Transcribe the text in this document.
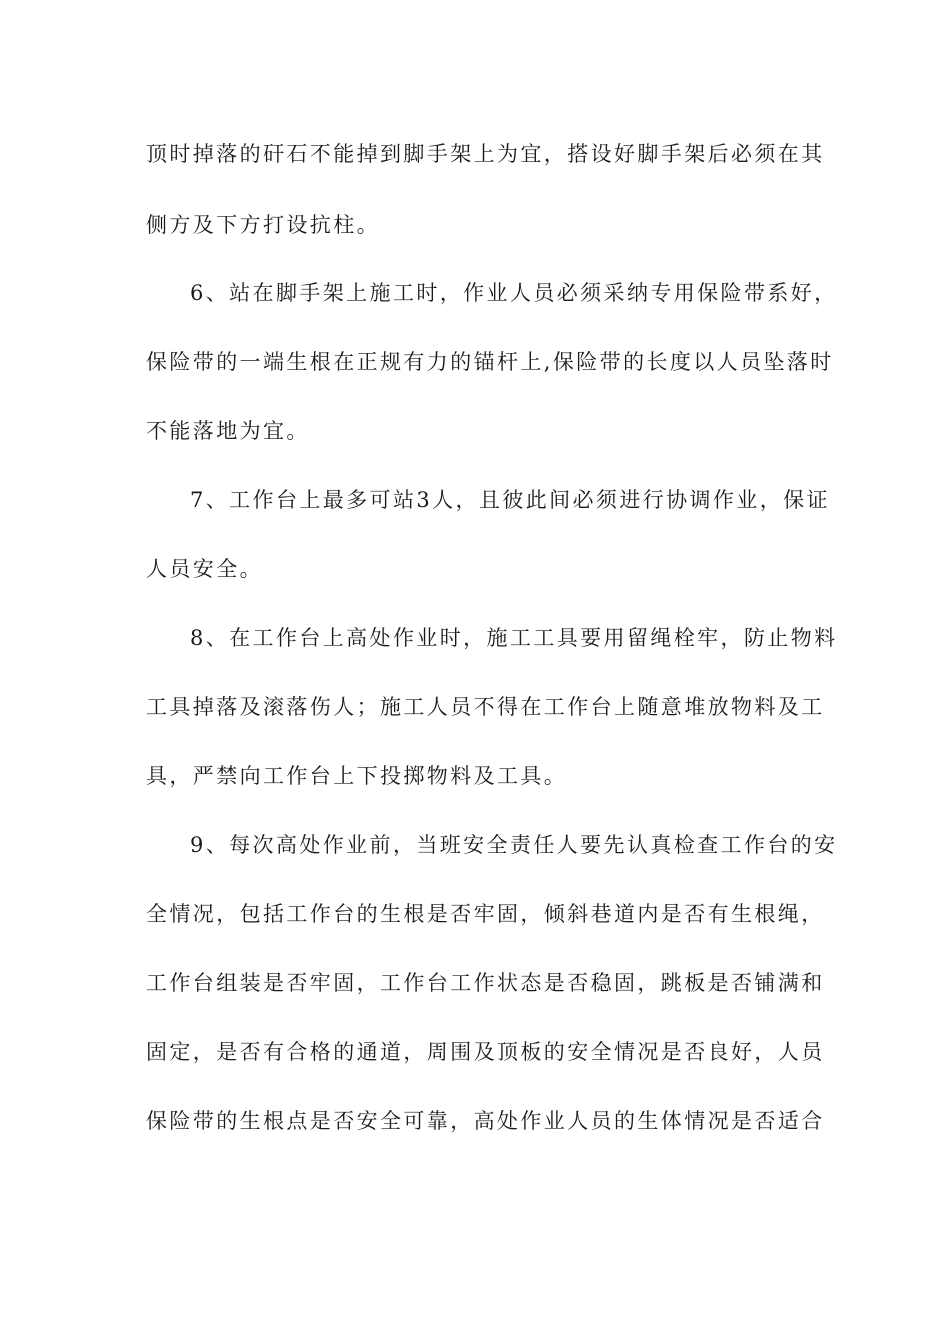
顶时掉落的矸石不能掉到脚手架上为宜，搭设好脚手架后必须在其
侧方及下方打设抗柱。
6、站在脚手架上施工时，作业人员必须采纳专用保险带系好，
保险带的一端生根在正规有力的锚杆上,保险带的长度以人员坠落时
不能落地为宜。
7、工作台上最多可站3人，且彼此间必须进行协调作业，保证
人员安全。
8、在工作台上高处作业时，施工工具要用留绳栓牢，防止物料
工具掉落及滚落伤人；施工人员不得在工作台上随意堆放物料及工
具，严禁向工作台上下投掷物料及工具。
9、每次高处作业前，当班安全责任人要先认真检查工作台的安
全情况，包括工作台的生根是否牢固，倾斜巷道内是否有生根绳，
工作台组装是否牢固，工作台工作状态是否稳固，跳板是否铺满和
固定，是否有合格的通道，周围及顶板的安全情况是否良好，人员
保险带的生根点是否安全可靠，高处作业人员的生体情况是否适合
